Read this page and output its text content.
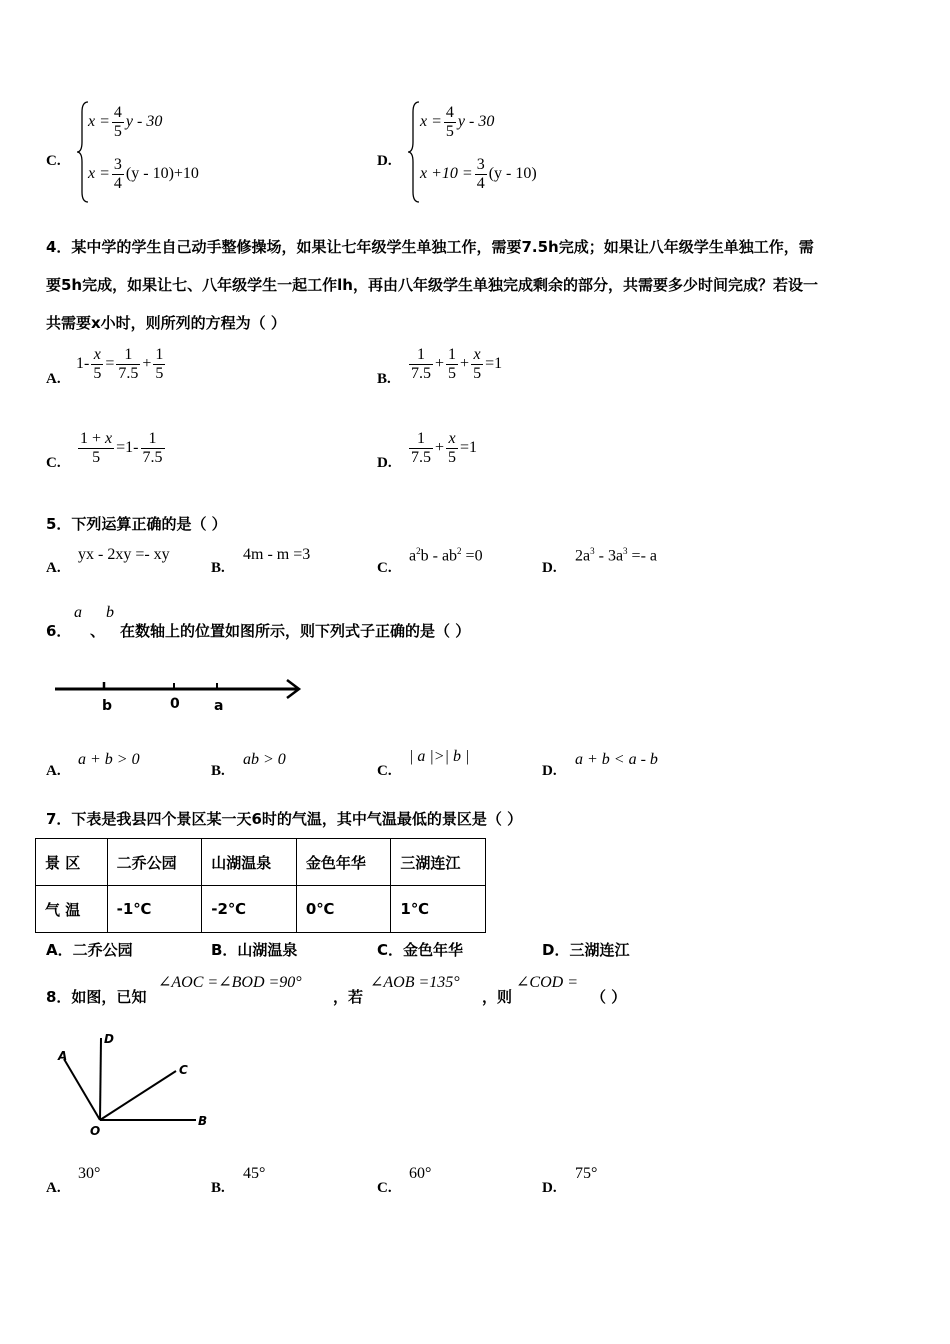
C.
$x = \frac{4}{5}$ y - 30
$x = \frac{3}{4} (y - 10)+10$
D.
$x = \frac{4}{5}$ y - 30
$x +10 = \frac{3}{4} (y - 10)$
4．某中学的学生自己动手整修操场，如果让七年级学生单独工作，需要7.5h完成；如果让八年级学生单独工作，需
要5h完成，如果让七、八年级学生一起工作lh，再由八年级学生单独完成剩余的部分，共需要多少时间完成？若设一
共需要x小时，则所列的方程为（ ）
A.
$1- \frac{x}{5} = \frac{1}{7.5} + \frac{1}{5}$	B. $\frac{1}{7.5} + \frac{1}{5} + \frac{x}{5} =1$
C. $\frac{1 + x}{5} =1- \frac{1}{7.5}$	D. $\frac{1}{7.5} + \frac{x}{5} =1$
5．下列运算正确的是（ ）
A.
yx - 2xy =- xy
B.
4m - m =3
C.
$a^2b - ab^2 =0$
D.
$2a^3 - 3a^3 =- a$
6．
a
、
b
在数轴上的位置如图所示，则下列式子正确的是（ ）
b	0 a
A.
a + b > 0
B.
ab > 0
C.
| a |>| b |
D.
a + b < a - b
7．下表是我县四个景区某一天6时的气温，其中气温最低的景区是（ ）
景 区	二乔公园	山湖温泉	金色年华	三湖连江
气 温	-1℃	-2℃	0℃	1℃
A．二乔公园	B．山湖温泉	C．金色年华	D．三湖连江
8．如图，已知
∠AOC =∠BOD =90°
，若
∠AOB =135°
，则
∠COD =
（ ）
A
D
C
O
B
A.
30°
B.
45°
C.
60°
D.
75°
